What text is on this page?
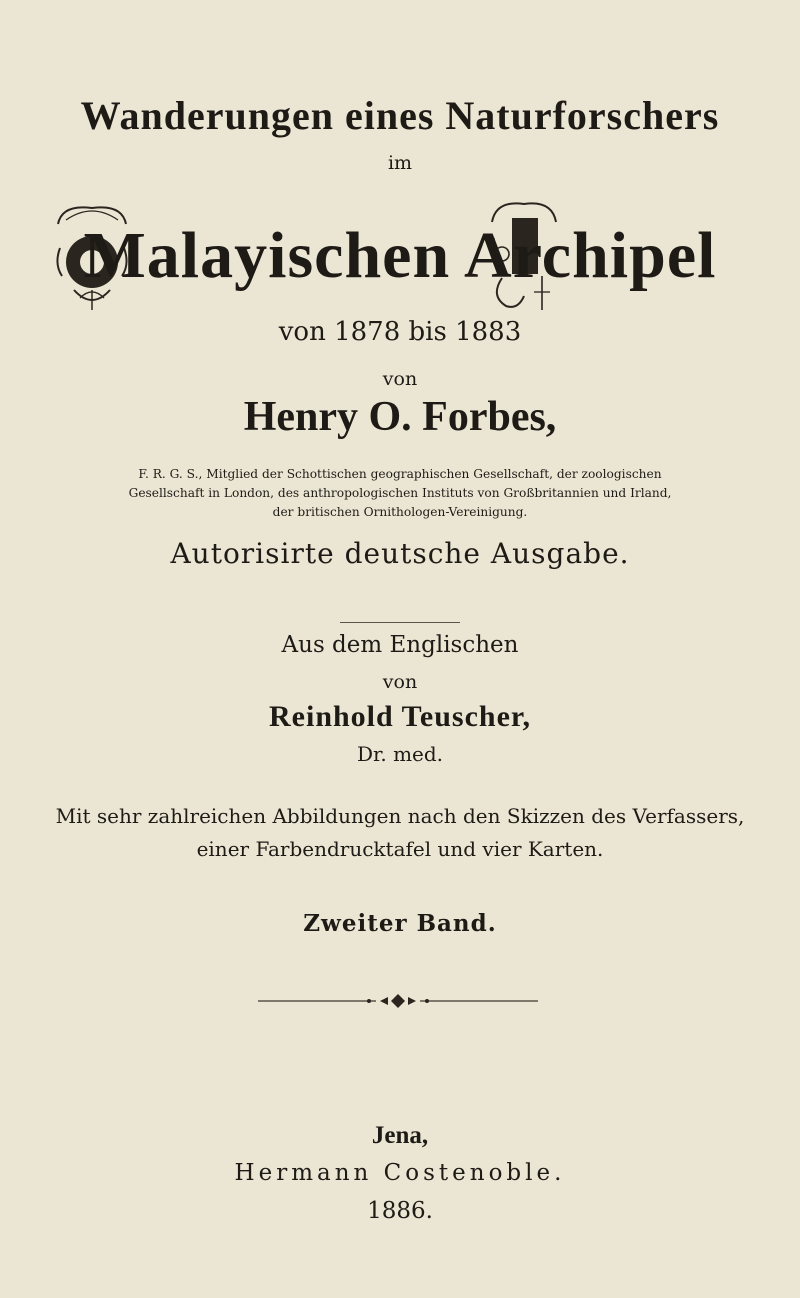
Wanderungen eines Naturforschers
im
Malayischen Archipel
von 1878 bis 1883
von
Henry O. Forbes,
F. R. G. S., Mitglied der Schottischen geographischen Gesellschaft, der zoologischen
Gesellschaft in London, des anthropologischen Instituts von Großbritannien und Irland,
der britischen Ornithologen-Vereinigung.
Autorisirte deutsche Ausgabe.
Aus dem Englischen
von
Reinhold Teuscher,
Dr. med.
Mit sehr zahlreichen Abbildungen nach den Skizzen des Verfassers,
einer Farbendrucktafel und vier Karten.
Zweiter Band.
Jena,
Hermann Costenoble.
1886.
